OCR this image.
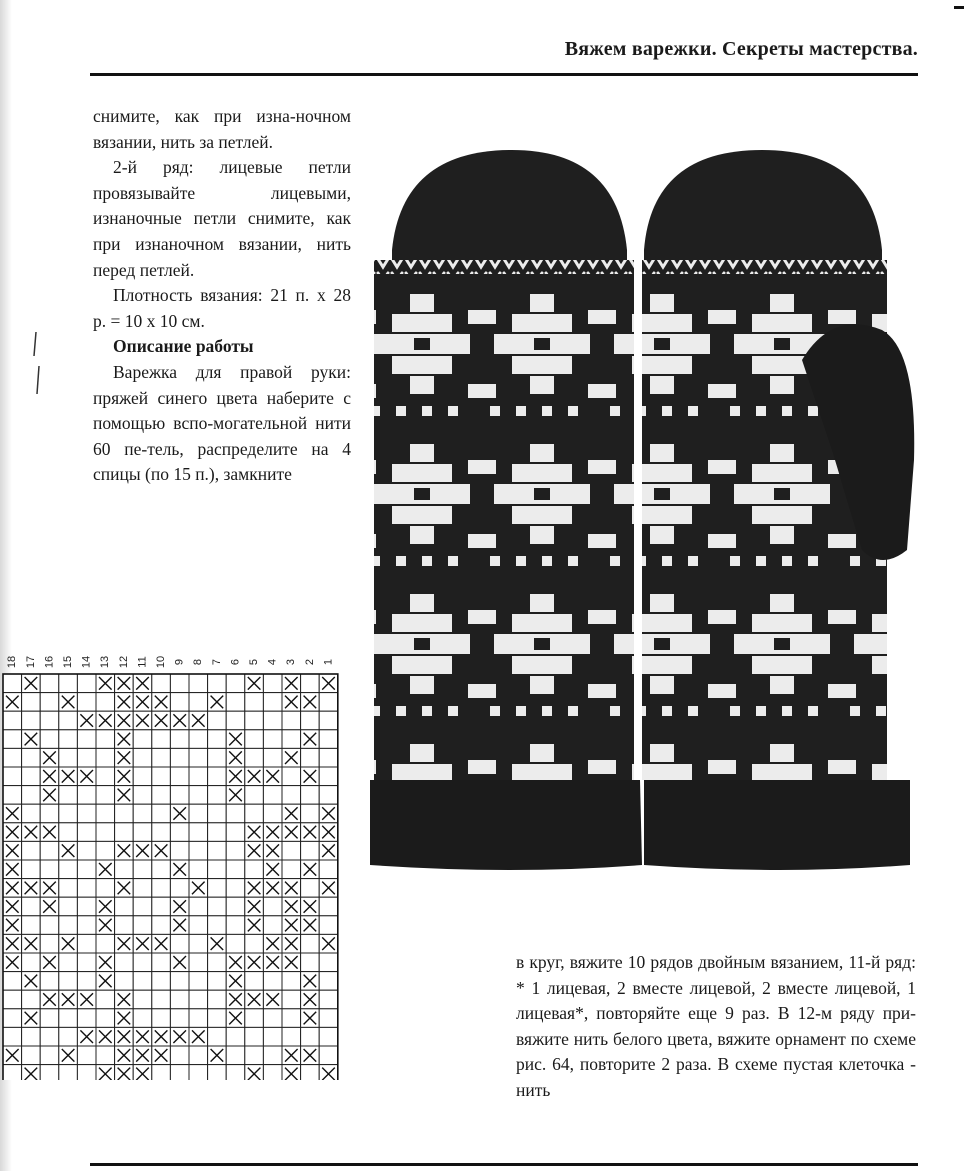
Вяжем варежки. Секреты мастерства.

снимите, как при изна-ночном вязании, нить за петлей.

2-й ряд: лицевые петли провязывайте лицевыми, изнаночные петли снимите, как при изнаночном вязании, нить перед петлей.

Плотность вязания: 21 п. х 28 р. = 10 х 10 см.

Описание работы

Варежка для правой руки: пряжей синего цвета наберите с помощью вспо-могательной нити 60 пе-тель, распределите на 4 спицы (по 15 п.), замкните

18 17 16 15 14 13 12 11 10 9 8 7 6 5 4 3 2 1

в круг, вяжите 10 рядов двойным вязанием, 11-й ряд: * 1 лицевая, 2 вместе лицевой, 2 вместе лицевой, 1 лицевая*, повторяйте еще 9 раз. В 12-м ряду при-вяжите нить белого цвета, вяжите орнамент по схеме рис. 64, повторите 2 раза. В схеме пустая клеточка - нить
